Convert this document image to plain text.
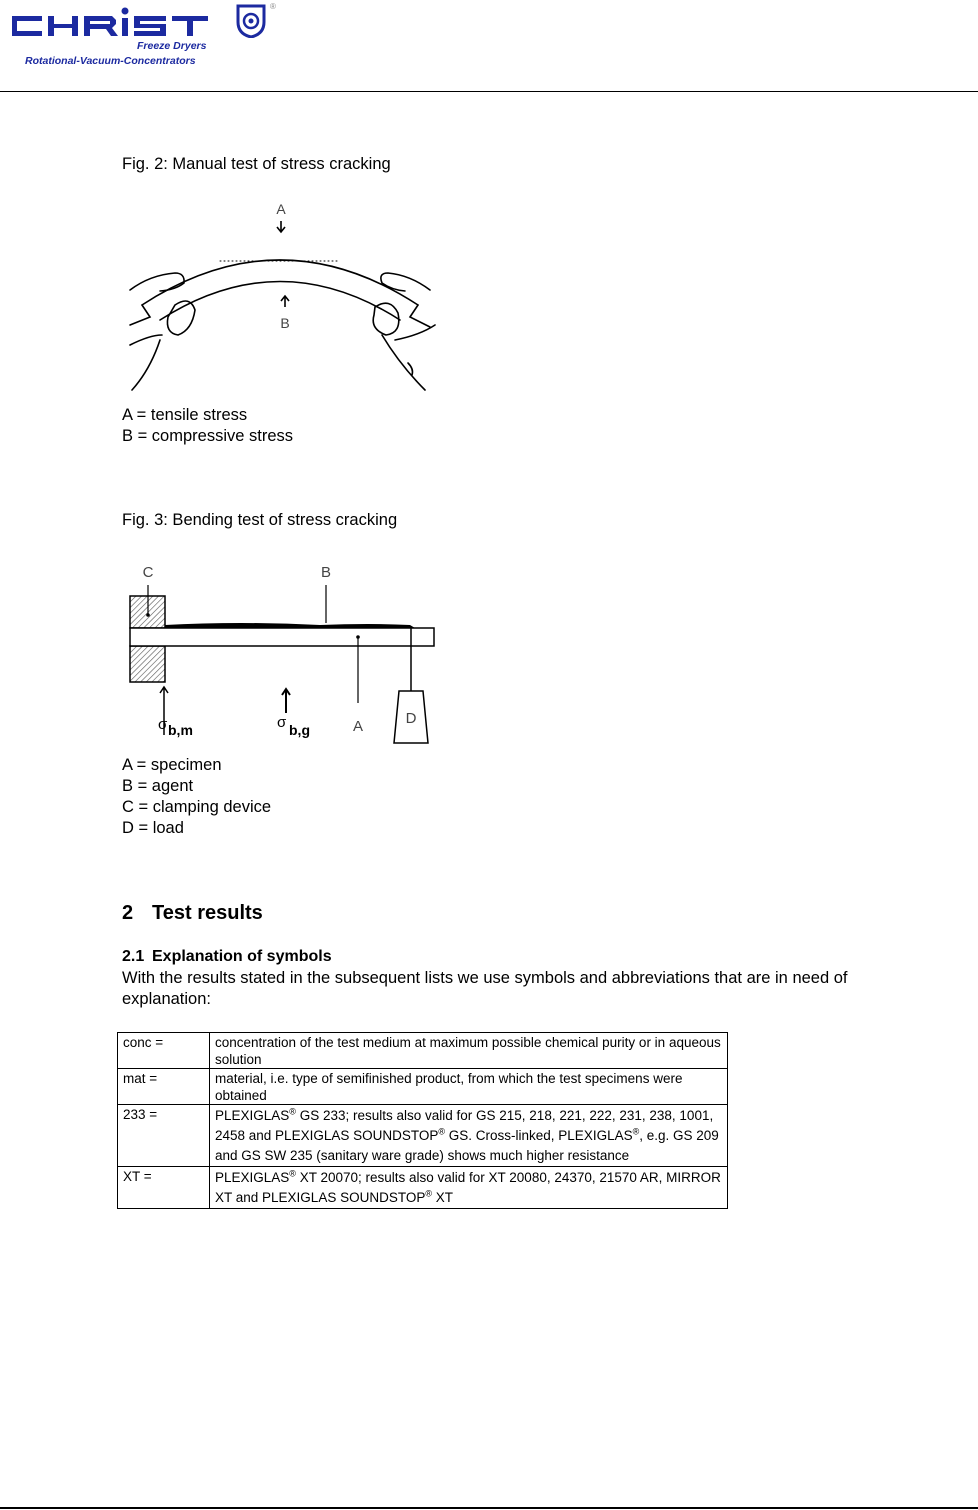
®
Freeze Dryers
Rotational-Vacuum-Concentrators
Fig. 2: Manual test of stress cracking
A
B
A = tensile stress
B = compressive stress
Fig. 3: Bending test of stress cracking
C	B
A	D
σ b,m	σ b,g
A = specimen
B = agent
C = clamping device
D = load
2 Test results
2.1 Explanation of symbols
With the results stated in the subsequent lists we use symbols and abbreviations that are in need of explanation:
conc =	concentration of the test medium at maximum possible chemical purity or in aqueous solution
mat =	material, i.e. type of semifinished product, from which the test specimens were obtained
233 =	PLEXIGLAS® GS 233; results also valid for GS 215, 218, 221, 222, 231, 238, 1001, 2458 and PLEXIGLAS SOUNDSTOP® GS. Cross-linked, PLEXIGLAS®, e.g. GS 209 and GS SW 235 (sanitary ware grade) shows much higher resistance
XT =	PLEXIGLAS® XT 20070; results also valid for XT 20080, 24370, 21570 AR, MIRROR XT and PLEXIGLAS SOUNDSTOP® XT
